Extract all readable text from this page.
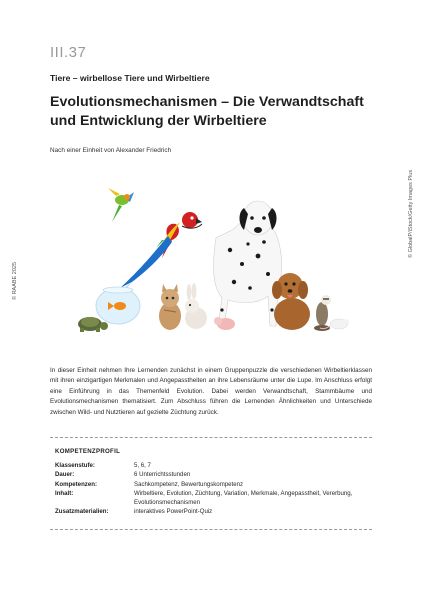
III.37
Tiere – wirbellose Tiere und Wirbeltiere
Evolutionsmechanismen – Die Verwandtschaft
und Entwicklung der Wirbeltiere
Nach einer Einheit von Alexander Friedrich
© RAABE 2025
© GlobalP/iStock/Getty Images Plus

In dieser Einheit nehmen Ihre Lernenden zunächst in einem Gruppenpuzzle die verschiedenen Wirbeltierklassen mit ihren einzigartigen Merkmalen und Angepasstheiten an ihre Lebensräume unter die Lupe. Im Anschluss erfolgt eine Einführung in das Themenfeld Evolution. Dabei werden Verwandtschaft, Stammbäume und Evolutionsmechanismen thematisiert. Zum Abschluss führen die Lernenden Ähnlichkeiten und Unterschiede zwischen Wild- und Nutztieren auf gezielte Züchtung zurück.

KOMPETENZPROFIL
Klassenstufe:	5, 6, 7
Dauer:	6 Unterrichtsstunden
Kompetenzen:	Sachkompetenz, Bewertungskompetenz
Inhalt:	Wirbeltiere, Evolution, Züchtung, Variation, Merkmale, Angepasstheit, Vererbung, Evolutionsmechanismen
Zusatzmaterialien:	interaktives PowerPoint-Quiz
